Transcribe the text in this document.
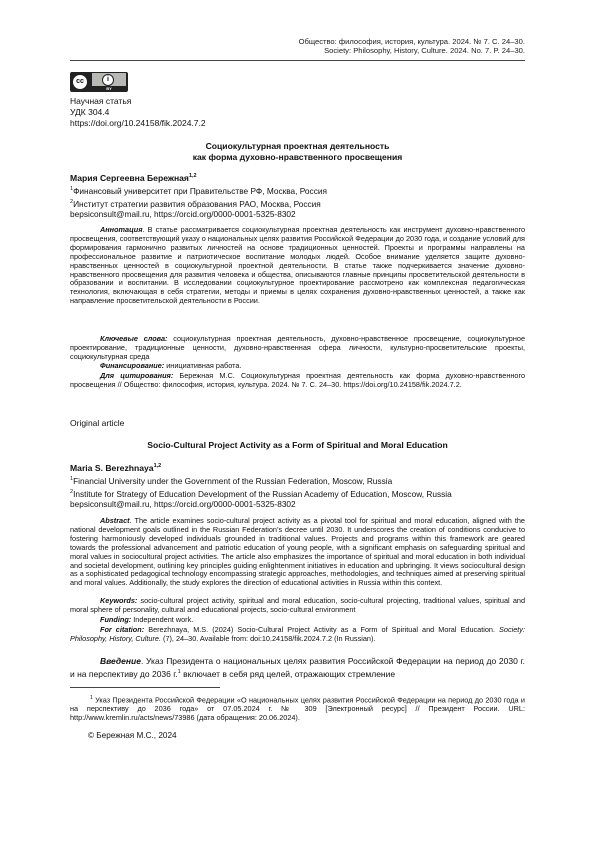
Общество: философия, история, культура. 2024. № 7. С. 24–30.
Society: Philosophy, History, Culture. 2024. No. 7. P. 24–30.
cc	i
BY
Научная статья
УДК 304.4
https://doi.org/10.24158/fik.2024.7.2
Социокультурная проектная деятельность
как форма духовно-нравственного просвещения
Мария Сергеевна Бережная$^{1,2}$
$^1$Финансовый университет при Правительстве РФ, Москва, Россия
$^2$Институт стратегии развития образования РАО, Москва, Россия
bepsiconsult@mail.ru, https://orcid.org/0000-0001-5325-8302

Аннотация. В статье рассматривается социокультурная проектная деятельность как инструмент духовно-нравственного просвещения, соответствующий указу о национальных целях развития Российской Федерации до 2030 года, и создание условий для формирования гармонично развитых личностей на основе традиционных ценностей. Проекты и программы направлены на профессиональное развитие и патриотическое воспитание молодых людей. Особое внимание уделяется защите духовно-нравственных ценностей в социокультурной проектной деятельности. В статье также подчеркивается значение духовно-нравственного просвещения для развития человека и общества, описываются главные принципы просветительской деятельности в образовании и воспитании. В исследовании социокультурное проектирование рассмотрено как комплексная педагогическая технология, включающая в себя стратегии, методы и приемы в целях сохранения духовно-нравственных ценностей, а также как направление просветительской деятельности в России.

Ключевые слова: социокультурная проектная деятельность, духовно-нравственное просвещение, социокультурное проектирование, традиционные ценности, духовно-нравственная сфера личности, культурно-просветительские проекты, социокультурная среда

Финансирование: инициативная работа.

Для цитирования: Бережная М.С. Социокультурная проектная деятельность как форма духовно-нравственного просвещения // Общество: философия, история, культура. 2024. № 7. С. 24–30. https://doi.org/10.24158/fik.2024.7.2.

Original article
Socio-Cultural Project Activity as a Form of Spiritual and Moral Education
Maria S. Berezhnaya$^{1,2}$
$^1$Financial University under the Government of the Russian Federation, Moscow, Russia
$^2$Institute for Strategy of Education Development of the Russian Academy of Education, Moscow, Russia
bepsiconsult@mail.ru, https://orcid.org/0000-0001-5325-8302

Abstract. The article examines socio-cultural project activity as a pivotal tool for spiritual and moral education, aligned with the national development goals outlined in the Russian Federation’s decree until 2030. It underscores the creation of conditions conducive to fostering harmoniously developed individuals grounded in traditional values. Projects and programs within this framework are geared towards the professional advancement and patriotic education of young people, with a significant emphasis on safeguarding spiritual and moral values in sociocultural project activities. The article also emphasizes the importance of spiritual and moral education in both individual and societal development, outlining key principles guiding enlightenment initiatives in education and upbringing. It views sociocultural design as a sophisticated pedagogical technology encompassing strategic approaches, methodologies, and techniques aimed at preserving spiritual and moral values. Additionally, the study explores the direction of educational activities in Russia within this context.

Keywords: socio-cultural project activity, spiritual and moral education, socio-cultural projecting, traditional values, spiritual and moral sphere of personality, cultural and educational projects, socio-cultural environment

Funding: Independent work.

For citation: Berezhnaya, M.S. (2024) Socio-Cultural Project Activity as a Form of Spiritual and Moral Education. Society: Philosophy, History, Culture. (7), 24–30. Available from: doi:10.24158/fik.2024.7.2 (In Russian).

Введение. Указ Президента о национальных целях развития Российской Федерации на период до 2030 г. и на перспективу до 2036 г.$^1$ включает в себя ряд целей, отражающих стремление

$^1$ Указ Президента Российской Федерации «О национальных целях развития Российской Федерации на период до 2030 года и на перспективу до 2036 года» от 07.05.2024 г. № 309 [Электронный ресурс] // Президент России. URL: http://www.kremlin.ru/acts/news/73986 (дата обращения: 20.06.2024).

© Бережная М.С., 2024
